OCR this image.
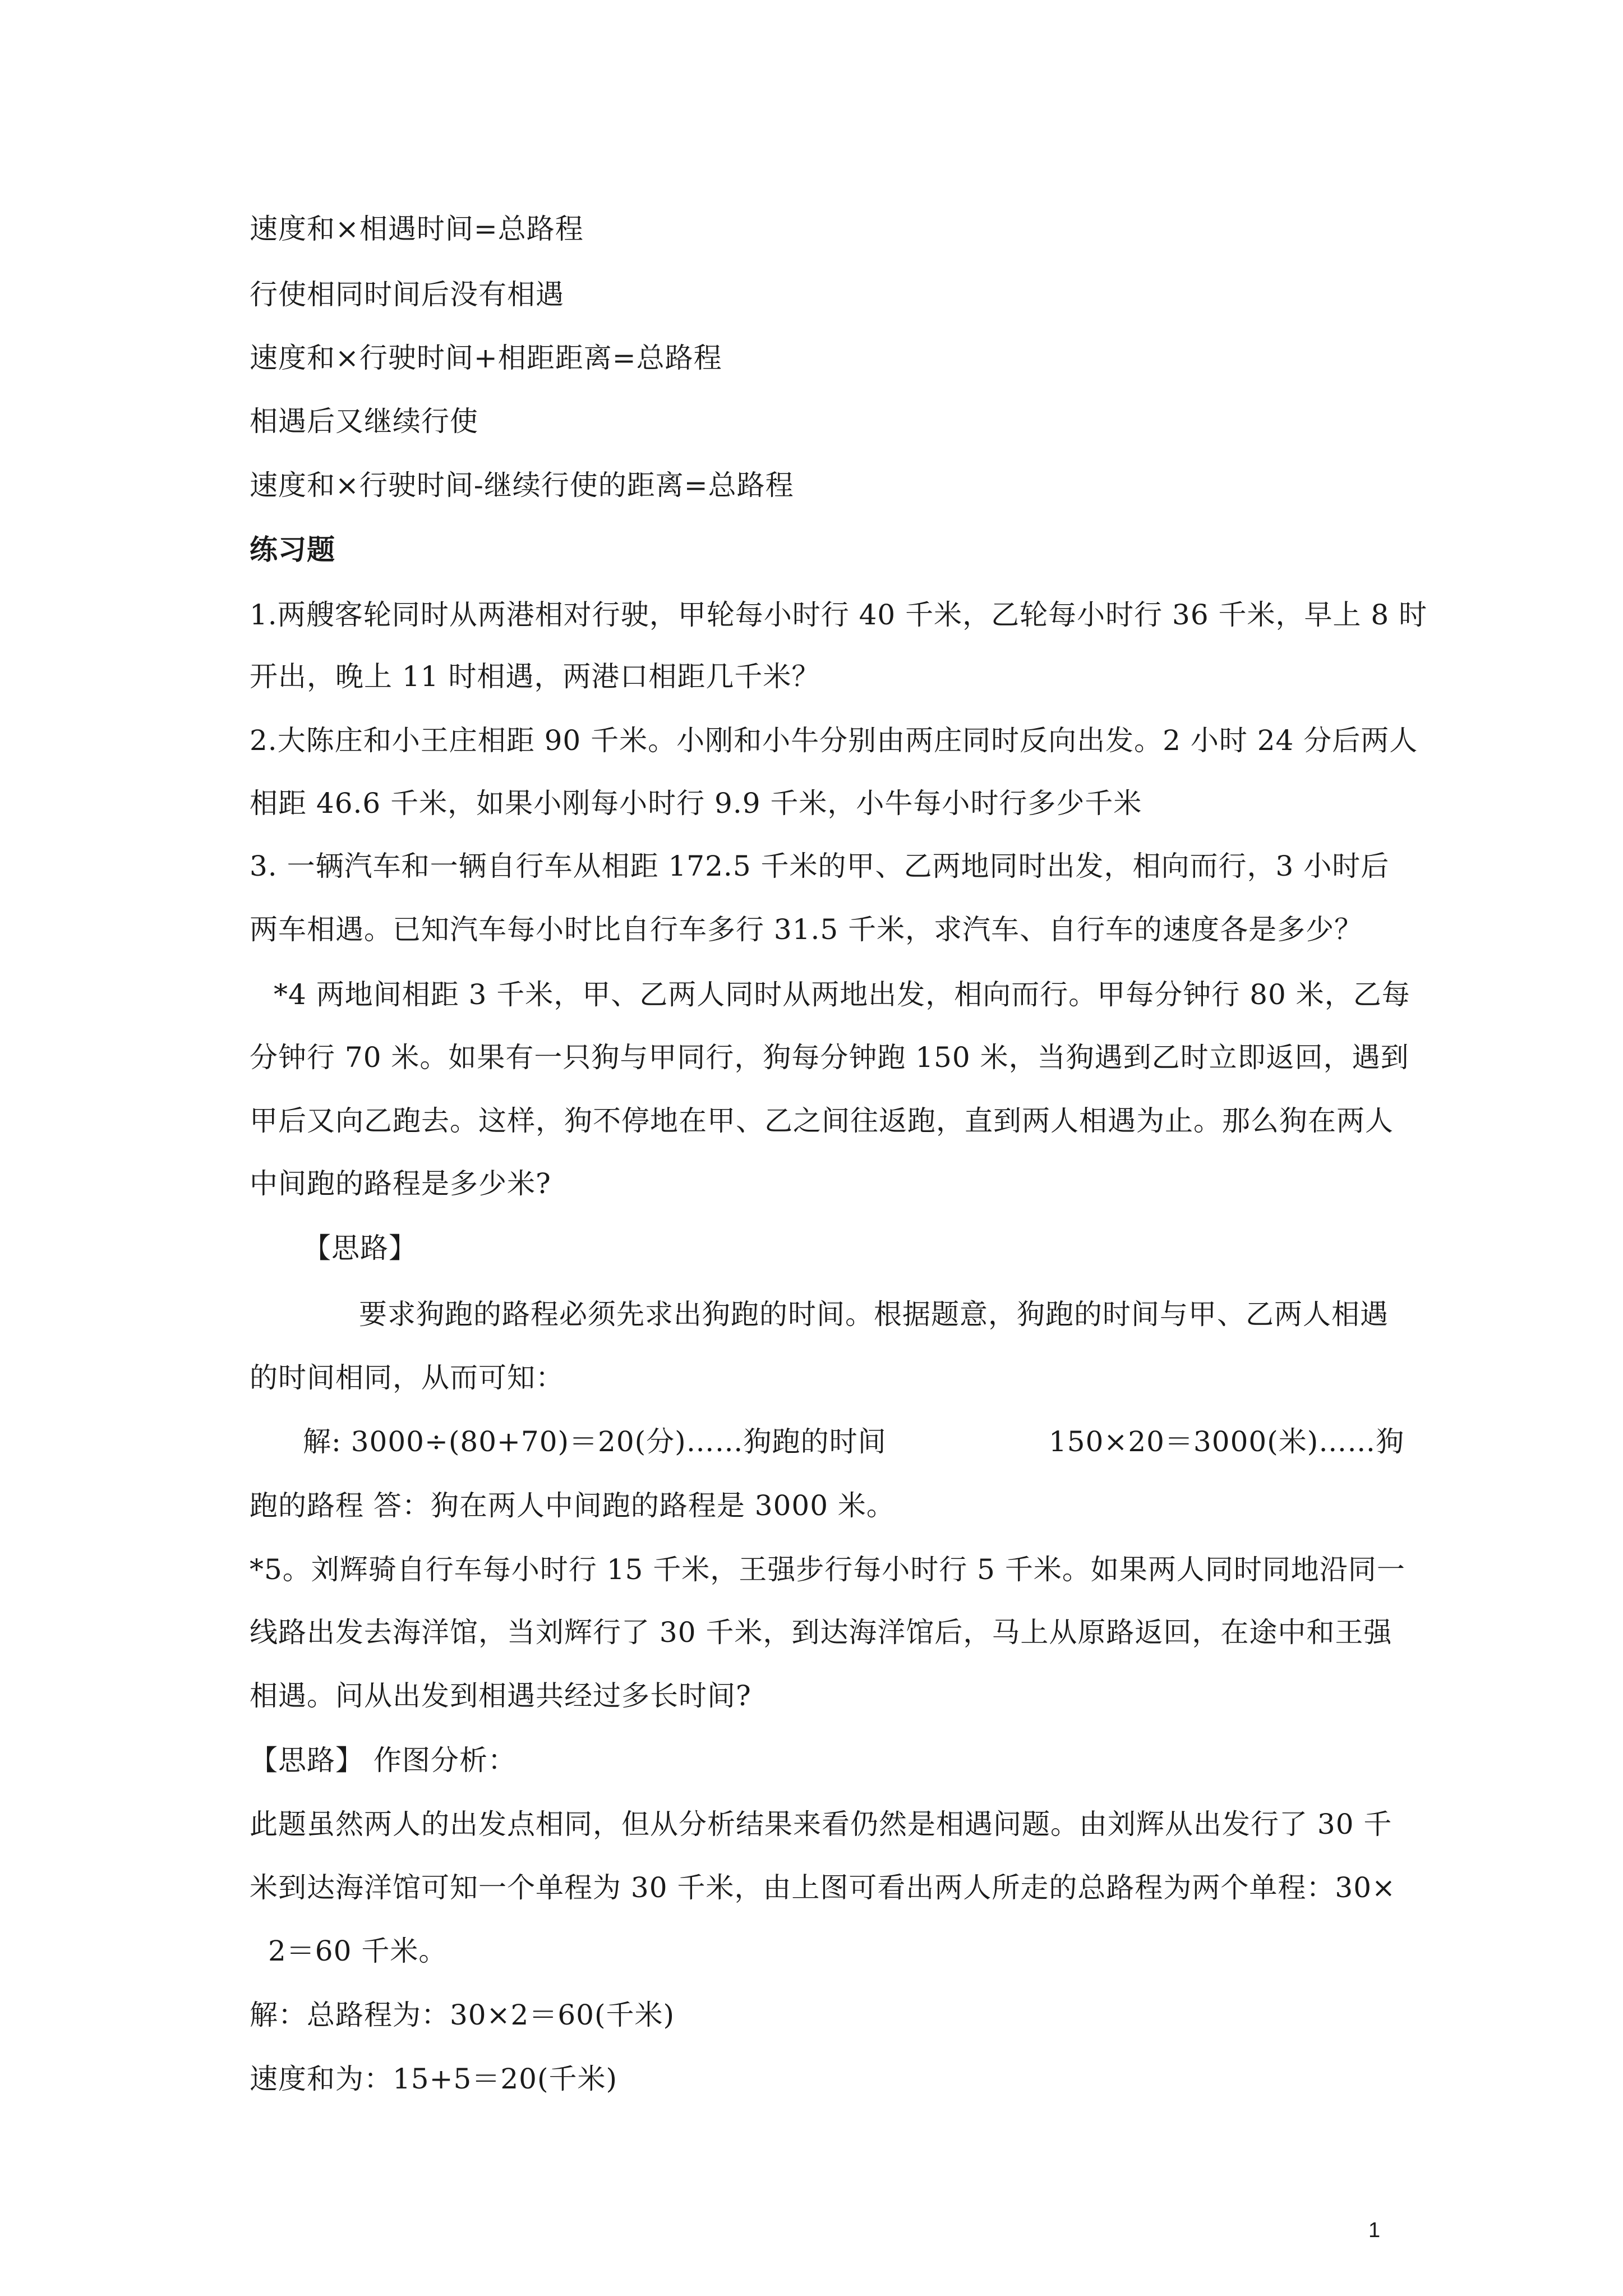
速度和×相遇时间=总路程
行使相同时间后没有相遇
速度和×行驶时间+相距距离=总路程
相遇后又继续行使
速度和×行驶时间-继续行使的距离=总路程
练习题
1.两艘客轮同时从两港相对行驶，甲轮每小时行 40 千米，乙轮每小时行 36 千米，早上 8 时
开出，晚上 11 时相遇，两港口相距几千米？
2.大陈庄和小王庄相距 90 千米。小刚和小牛分别由两庄同时反向出发。2 小时 24 分后两人
相距 46.6 千米，如果小刚每小时行 9.9 千米，小牛每小时行多少千米
3. 一辆汽车和一辆自行车从相距 172.5 千米的甲、乙两地同时出发，相向而行，3 小时后
两车相遇。已知汽车每小时比自行车多行 31.5 千米，求汽车、自行车的速度各是多少？
*4 两地间相距 3 千米，甲、乙两人同时从两地出发，相向而行。甲每分钟行 80 米，乙每
分钟行 70 米。如果有一只狗与甲同行，狗每分钟跑 150 米，当狗遇到乙时立即返回，遇到
甲后又向乙跑去。这样，狗不停地在甲、乙之间往返跑，直到两人相遇为止。那么狗在两人
中间跑的路程是多少米?
【思路】
要求狗跑的路程必须先求出狗跑的时间。根据题意，狗跑的时间与甲、乙两人相遇
的时间相同，从而可知：
解: 3000÷(80+70)＝20(分)……狗跑的时间	150×20＝3000(米)……狗
跑的路程 答：狗在两人中间跑的路程是 3000 米。
*5。刘辉骑自行车每小时行 15 千米，王强步行每小时行 5 千米。如果两人同时同地沿同一
线路出发去海洋馆，当刘辉行了 30 千米，到达海洋馆后，马上从原路返回，在途中和王强
相遇。问从出发到相遇共经过多长时间?
【思路】 作图分析：
此题虽然两人的出发点相同，但从分析结果来看仍然是相遇问题。由刘辉从出发行了 30 千
米到达海洋馆可知一个单程为 30 千米，由上图可看出两人所走的总路程为两个单程：30×
2＝60 千米。
解：总路程为：30×2＝60(千米)
速度和为：15+5＝20(千米)
1
